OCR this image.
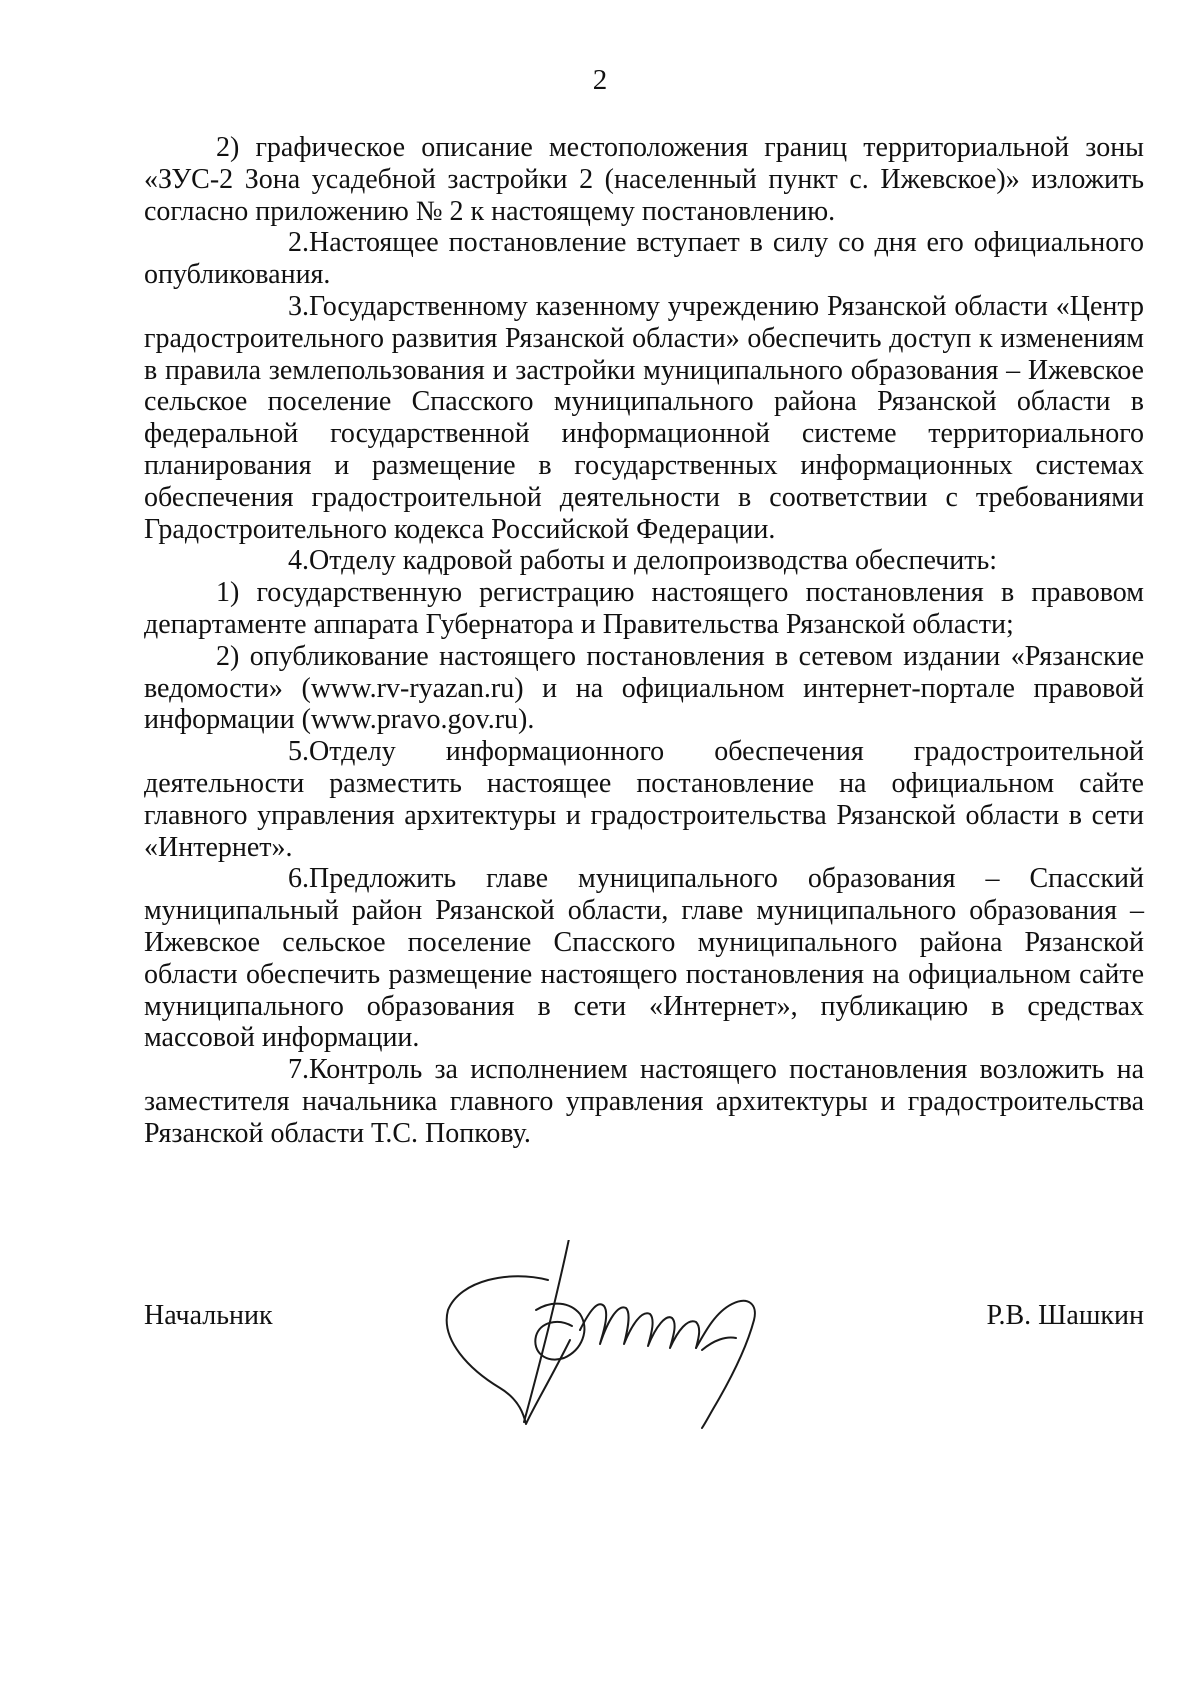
2

2) графическое описание местоположения границ территориальной зоны «ЗУС-2 Зона усадебной застройки 2 (населенный пункт с. Ижевское)» изложить согласно приложению № 2 к настоящему постановлению.

2.Настоящее постановление вступает в силу со дня его официального опубликования.

3.Государственному казенному учреждению Рязанской области «Центр градостроительного развития Рязанской области» обеспечить доступ к изменениям в правила землепользования и застройки муниципального образования – Ижевское сельское поселение Спасского муниципального района Рязанской области в федеральной государственной информационной системе территориального планирования и размещение в государственных информационных системах обеспечения градостроительной деятельности в соответствии с требованиями Градостроительного кодекса Российской Федерации.

4.Отделу кадровой работы и делопроизводства обеспечить:

1) государственную регистрацию настоящего постановления в правовом департаменте аппарата Губернатора и Правительства Рязанской области;

2) опубликование настоящего постановления в сетевом издании «Рязанские ведомости» (www.rv-ryazan.ru) и на официальном интернет-портале правовой информации (www.pravo.gov.ru).

5.Отделу информационного обеспечения градостроительной деятельности разместить настоящее постановление на официальном сайте главного управления архитектуры и градостроительства Рязанской области в сети «Интернет».

6.Предложить главе муниципального образования – Спасский муниципальный район Рязанской области, главе муниципального образования – Ижевское сельское поселение Спасского муниципального района Рязанской области обеспечить размещение настоящего постановления на официальном сайте муниципального образования в сети «Интернет», публикацию в средствах массовой информации.

7.Контроль за исполнением настоящего постановления возложить на заместителя начальника главного управления архитектуры и градостроительства Рязанской области Т.С. Попкову.

Начальник	Р.В. Шашкин
